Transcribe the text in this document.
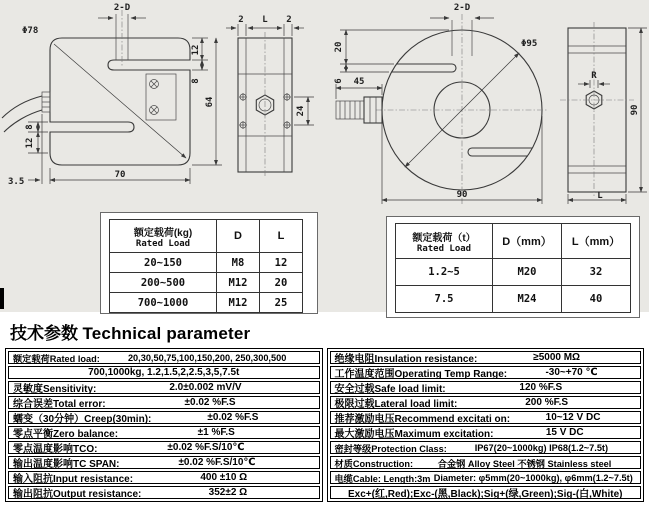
2-D
Φ78
12
8
64
8
12
70
3.5
2 L 2
24
2-D
Φ95
45
20
6
90
R
90
L
额定载荷(kg)
Rated Load	D	L
20~150	M8	12
200~500	M12	20
700~1000	M12	25
额定载荷（t）
Rated Load	D（mm）	L（mm）
1.2~5	M20	32
7.5	M24	40
技术参数 Technical parameter
额定载荷Rated load:	20,30,50,75,100,150,200, 250,300,500
700,1000kg, 1.2,1.5,2,2.5,3,5,7.5t
灵敏度Sensitivity:	2.0±0.002 mV/V
综合误差Total error:	±0.02 %F.S
蠕变（30分钟）Creep(30min):	±0.02 %F.S
零点平衡Zero balance:	±1 %F.S
零点温度影响TCO:	±0.02 %F.S/10℃
输出温度影响TC SPAN:	±0.02 %F.S/10℃
输入阻抗Input resistance:	400 ±10 Ω
输出阻抗Output resistance:	352±2 Ω
绝缘电阻Insulation resistance:	≥5000 MΩ
工作温度范围Operating Temp Range:	-30~+70 ℃
安全过载Safe load limit:	120 %F.S
极限过载Lateral load limit:	200 %F.S
推荐激励电压Recommend excitati on:	10~12 V DC
最大激励电压Maximum excitation:	15 V DC
密封等级Protection Class:	IP67(20~1000kg) IP68(1.2~7.5t)
材质Construction:	合金钢 Alloy Steel 不锈钢 Stainless steel
电缆Cable: Length:3m Diameter: φ5mm(20~1000kg), φ6mm(1.2~7.5t)
Exc+(红,Red);Exc-(黑,Black);Sig+(绿,Green);Sig-(白,White)
